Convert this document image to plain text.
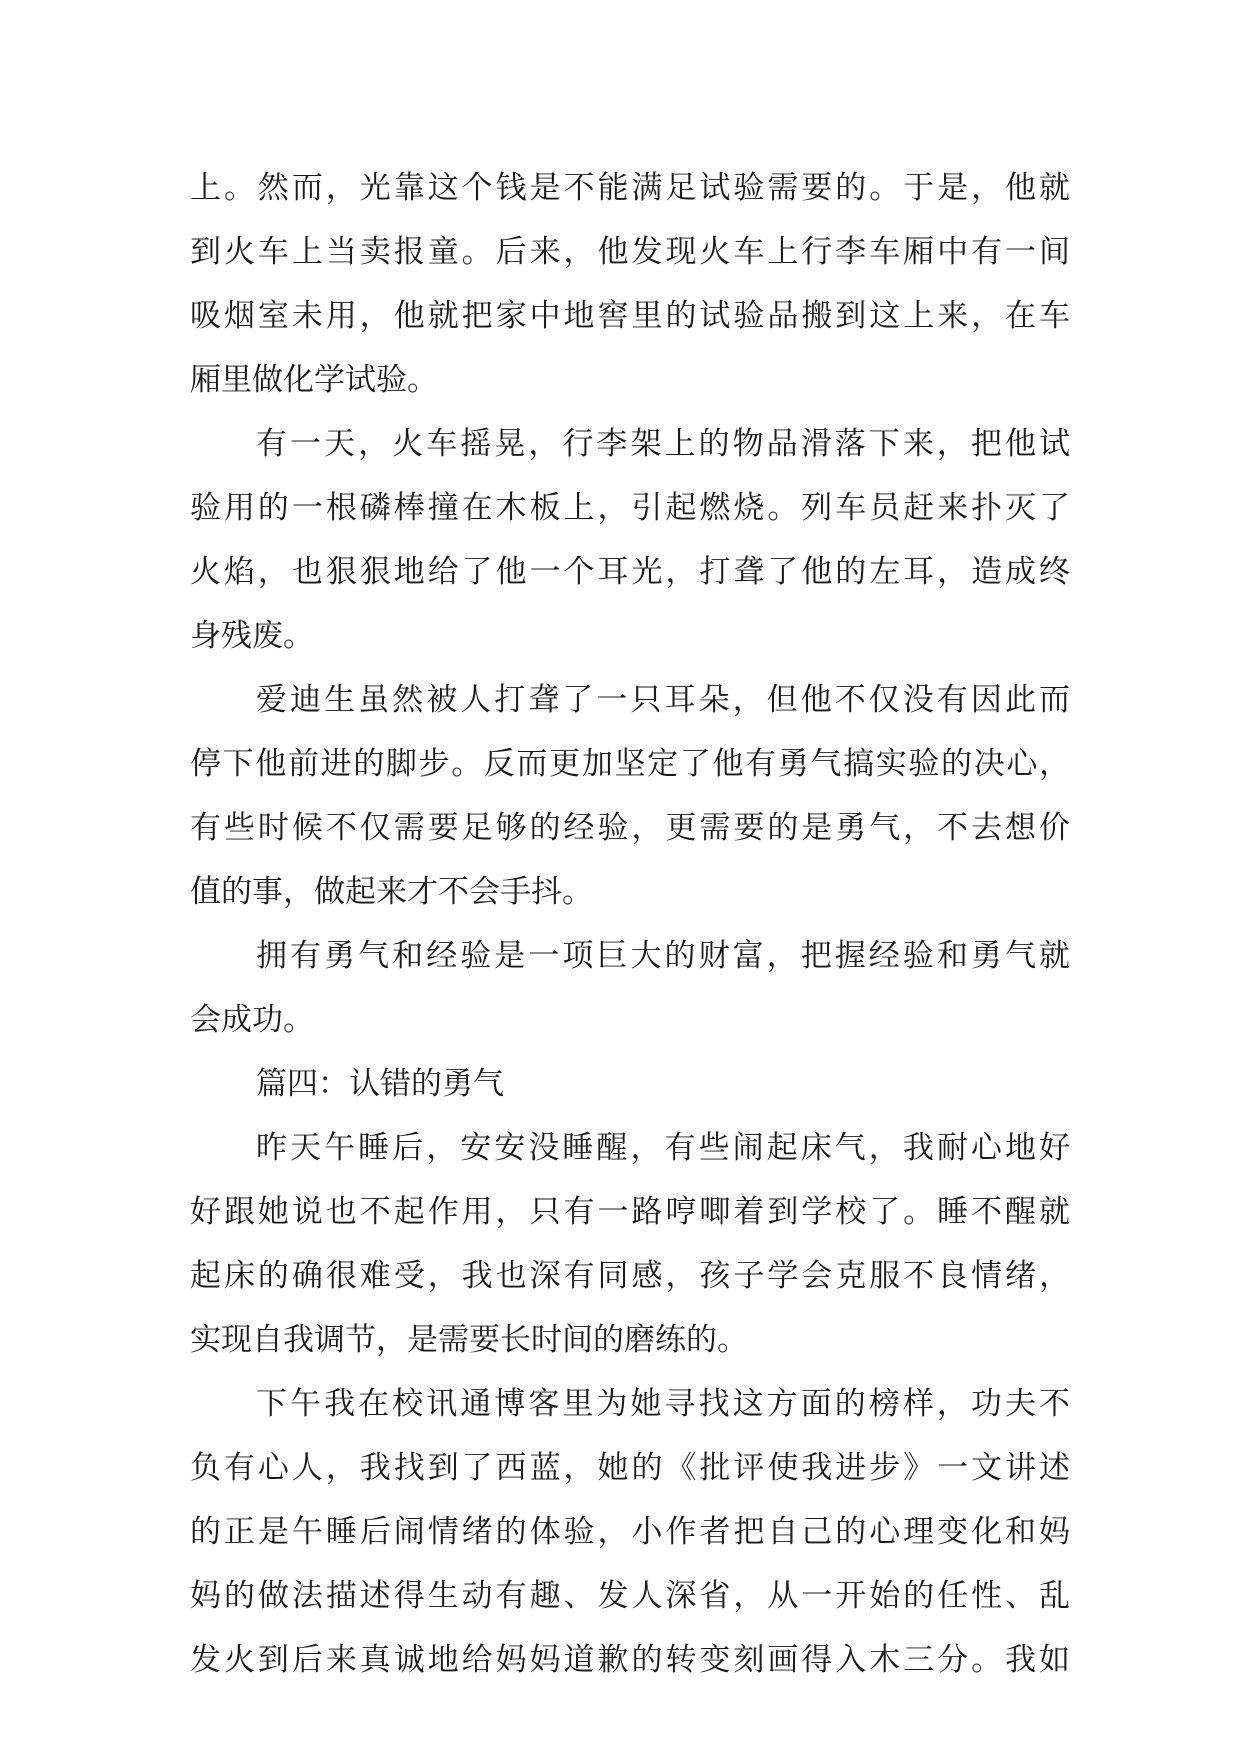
上。然而，光靠这个钱是不能满足试验需要的。于是，他就
到火车上当卖报童。后来，他发现火车上行李车厢中有一间
吸烟室未用，他就把家中地窖里的试验品搬到这上来，在车
厢里做化学试验。
有一天，火车摇晃，行李架上的物品滑落下来，把他试
验用的一根磷棒撞在木板上，引起燃烧。列车员赶来扑灭了
火焰，也狠狠地给了他一个耳光，打聋了他的左耳，造成终
身残废。
爱迪生虽然被人打聋了一只耳朵，但他不仅没有因此而
停下他前进的脚步。反而更加坚定了他有勇气搞实验的决心，
有些时候不仅需要足够的经验，更需要的是勇气，不去想价
值的事，做起来才不会手抖。
拥有勇气和经验是一项巨大的财富，把握经验和勇气就
会成功。
篇四：认错的勇气
昨天午睡后，安安没睡醒，有些闹起床气，我耐心地好
好跟她说也不起作用，只有一路哼唧着到学校了。睡不醒就
起床的确很难受，我也深有同感，孩子学会克服不良情绪，
实现自我调节，是需要长时间的磨练的。
下午我在校讯通博客里为她寻找这方面的榜样，功夫不
负有心人，我找到了西蓝，她的《批评使我进步》一文讲述
的正是午睡后闹情绪的体验，小作者把自己的心理变化和妈
妈的做法描述得生动有趣、发人深省，从一开始的任性、乱
发火到后来真诚地给妈妈道歉的转变刻画得入木三分。我如
